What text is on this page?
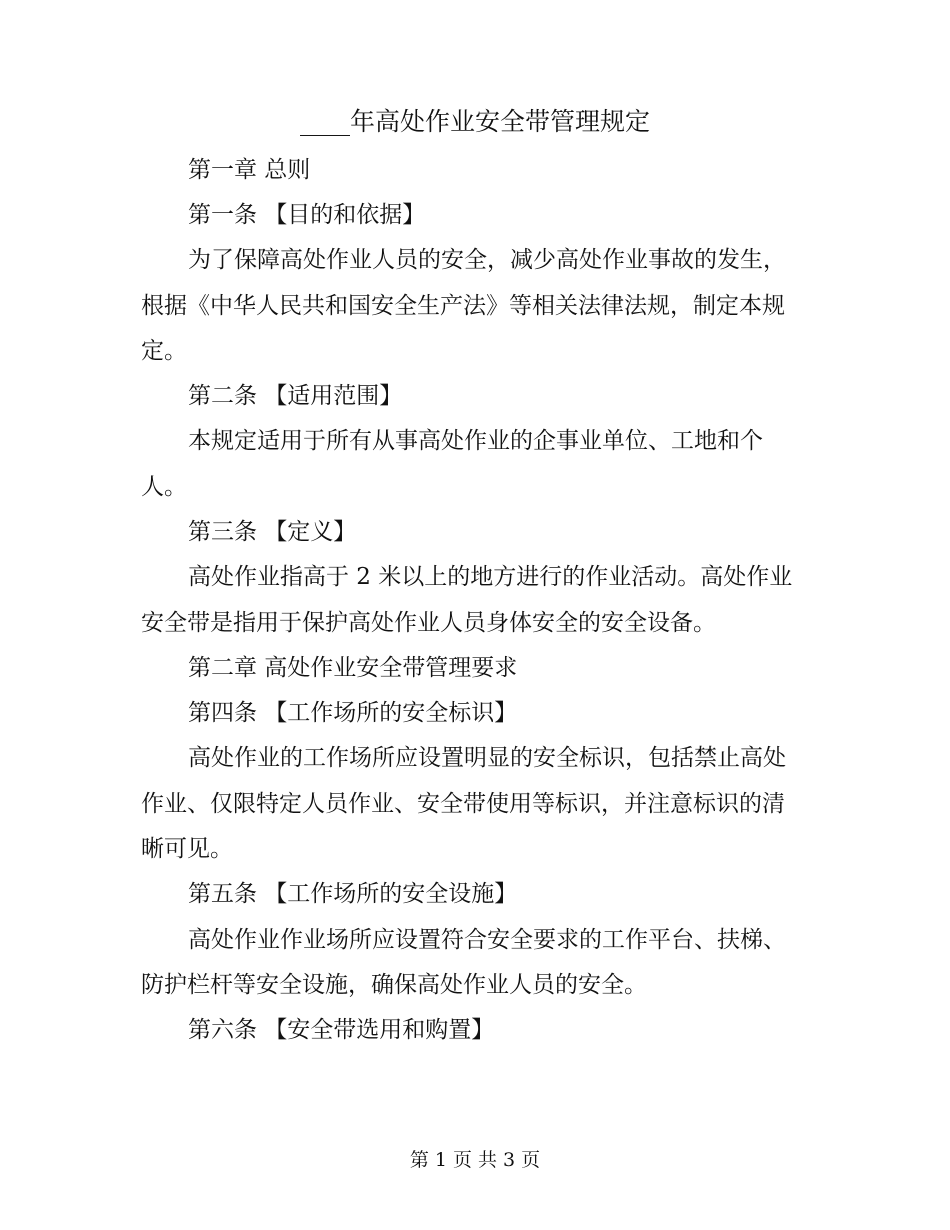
____年高处作业安全带管理规定
第一章 总则
第一条 【目的和依据】
为了保障高处作业人员的安全，减少高处作业事故的发生，
根据《中华人民共和国安全生产法》等相关法律法规，制定本规
定。
第二条 【适用范围】
本规定适用于所有从事高处作业的企事业单位、工地和个
人。
第三条 【定义】
高处作业指高于 2 米以上的地方进行的作业活动。高处作业
安全带是指用于保护高处作业人员身体安全的安全设备。
第二章 高处作业安全带管理要求
第四条 【工作场所的安全标识】
高处作业的工作场所应设置明显的安全标识，包括禁止高处
作业、仅限特定人员作业、安全带使用等标识，并注意标识的清
晰可见。
第五条 【工作场所的安全设施】
高处作业作业场所应设置符合安全要求的工作平台、扶梯、
防护栏杆等安全设施，确保高处作业人员的安全。
第六条 【安全带选用和购置】
第 1 页 共 3 页
